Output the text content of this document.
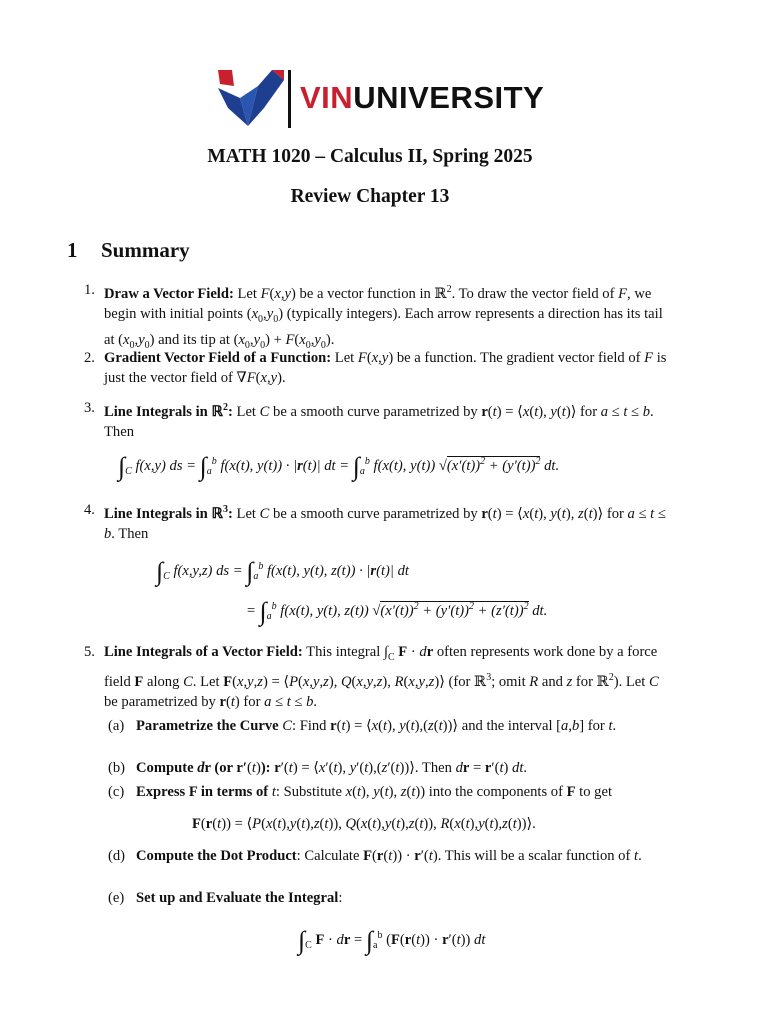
VINUNIVERSITY
MATH 1020 – Calculus II, Spring 2025
Review Chapter 13
1 Summary
1. Draw a Vector Field: Let F(x,y) be a vector function in ℝ$^2$. To draw the vector field of F, we begin with initial points $(x_0,y_0)$ (typically integers). Each arrow represents a direction has its tail at $(x_0,y_0)$ and its tip at $(x_0,y_0) + F(x_0,y_0)$.
2. Gradient Vector Field of a Function: Let F(x,y) be a function. The gradient vector field of F is just the vector field of ∇F(x,y).
3. Line Integrals in ℝ$^2$: Let C be a smooth curve parametrized by r(t) = ⟨x(t), y(t)⟩ for a ≤ t ≤ b. Then
$\int_C$ f(x,y) ds = $\int_a^b$ f(x(t), y(t)) · |r(t)| dt = $\int_a^b$ f(x(t), y(t)) $√(x'(t))^2 + (y'(t))^2$ dt.
4. Line Integrals in ℝ$^3$: Let C be a smooth curve parametrized by r(t) = ⟨x(t), y(t), z(t)⟩ for a ≤ t ≤ b. Then
$\int_C$ f(x,y,z) ds = $\int_a^b$ f(x(t), y(t), z(t)) · |r(t)| dt
= $\int_a^b$ f(x(t), y(t), z(t)) $√(x'(t))^2 + (y'(t))^2 + (z'(t))^2$ dt.
5. Line Integrals of a Vector Field: This integral $\int_C$ F · dr often represents work done by a force field F along C. Let F(x,y,z) = ⟨P(x,y,z), Q(x,y,z), R(x,y,z)⟩ (for ℝ$^3$; omit R and z for ℝ$^2$). Let C be parametrized by r(t) for a ≤ t ≤ b.
(a) Parametrize the Curve C: Find r(t) = ⟨x(t), y(t),(z(t))⟩ and the interval [a,b] for t.
(b) Compute dr (or r′(t)): r′(t) = ⟨x′(t), y′(t),(z′(t))⟩. Then dr = r′(t) dt.
(c) Express F in terms of t: Substitute x(t), y(t), z(t)) into the components of F to get
F(r(t)) = ⟨P(x(t),y(t),z(t)), Q(x(t),y(t),z(t)), R(x(t),y(t),z(t))⟩.
(d) Compute the Dot Product: Calculate F(r(t)) · r′(t). This will be a scalar function of t.
(e) Set up and Evaluate the Integral:
$\int_C$ F · dr = $\int_a^b$ (F(r(t)) · r′(t)) dt
